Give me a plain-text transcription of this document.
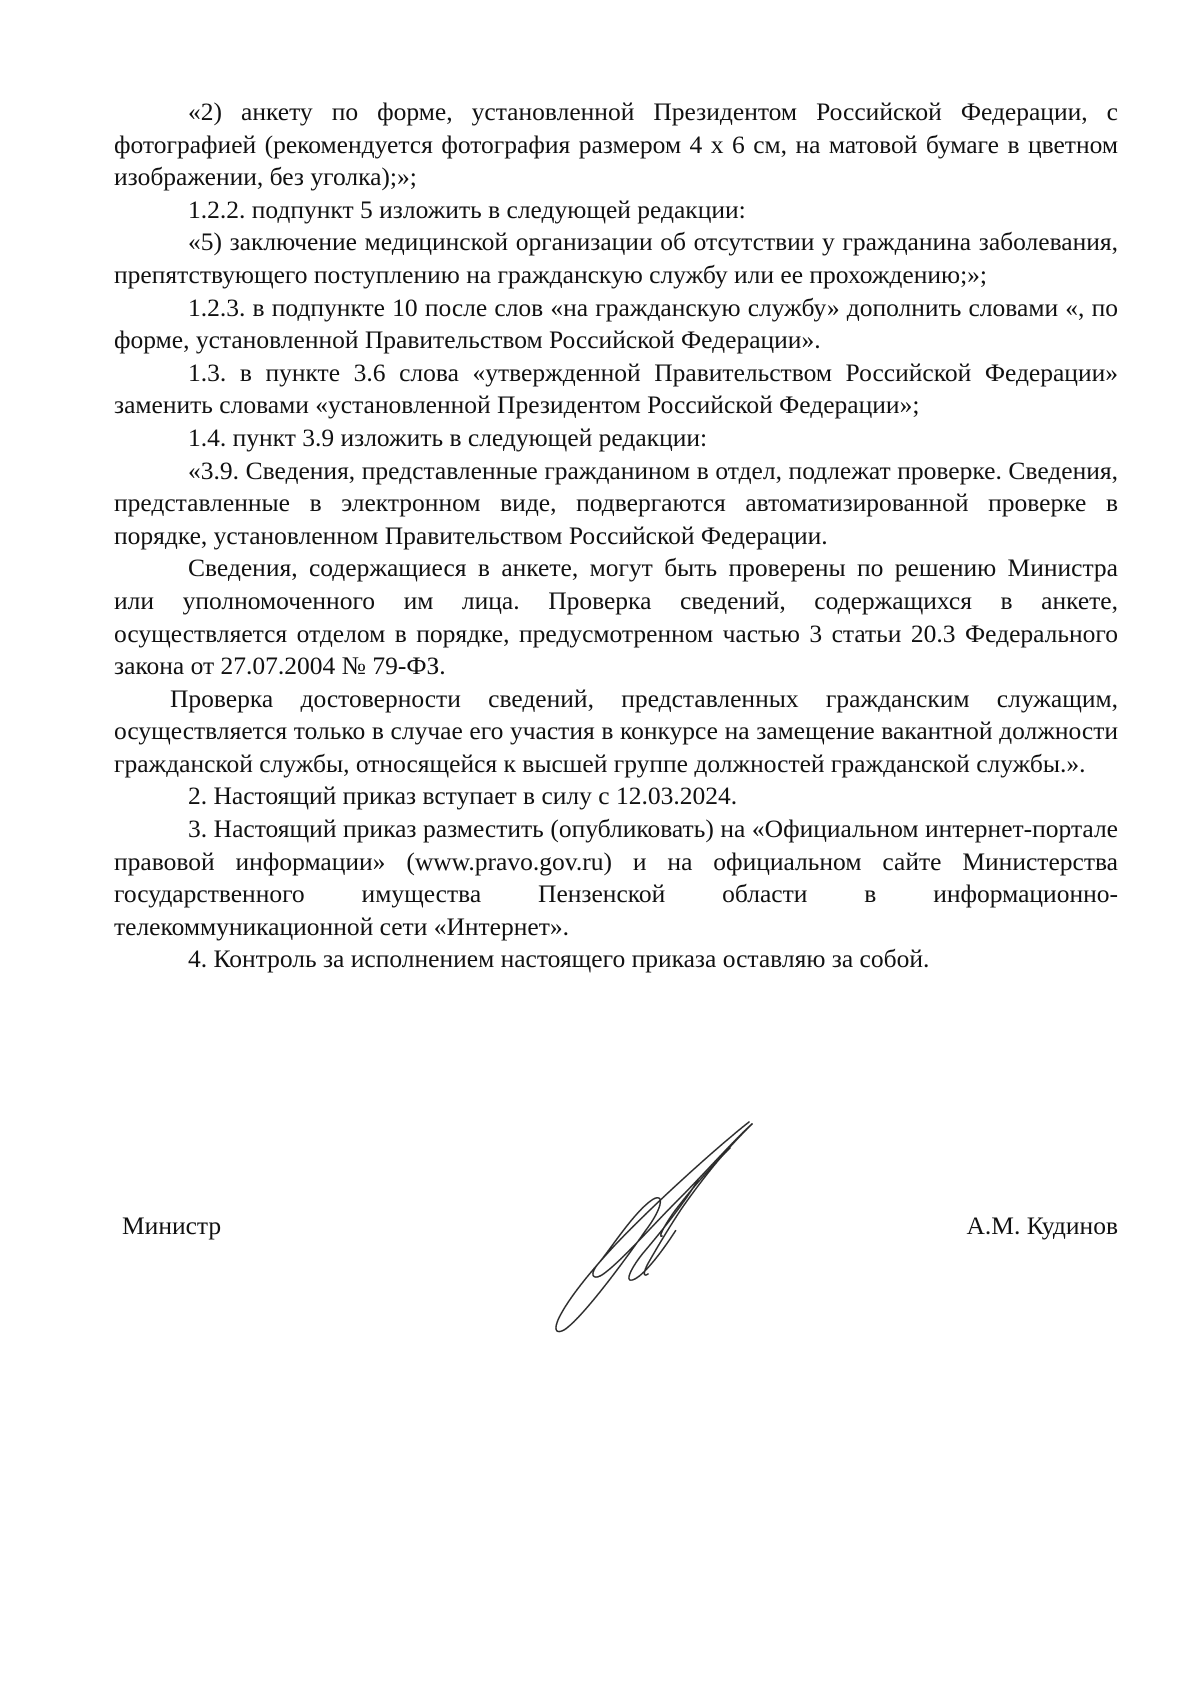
«2) анкету по форме, установленной Президентом Российской Федерации, с фотографией (рекомендуется фотография размером 4 х 6 см, на матовой бумаге в цветном изображении, без уголка);»;

1.2.2. подпункт 5 изложить в следующей редакции:

«5) заключение медицинской организации об отсутствии у гражданина заболевания, препятствующего поступлению на гражданскую службу или ее прохождению;»;

1.2.3. в подпункте 10 после слов «на гражданскую службу» дополнить словами «, по форме, установленной Правительством Российской Федерации».

1.3. в пункте 3.6 слова «утвержденной Правительством Российской Федерации» заменить словами «установленной Президентом Российской Федерации»;

1.4. пункт 3.9 изложить в следующей редакции:

«3.9. Сведения, представленные гражданином в отдел, подлежат проверке. Сведения, представленные в электронном виде, подвергаются автоматизированной проверке в порядке, установленном Правительством Российской Федерации.

Сведения, содержащиеся в анкете, могут быть проверены по решению Министра или уполномоченного им лица. Проверка сведений, содержащихся в анкете, осуществляется отделом в порядке, предусмотренном частью 3 статьи 20.3 Федерального закона от 27.07.2004 № 79-ФЗ.

Проверка достоверности сведений, представленных гражданским служащим, осуществляется только в случае его участия в конкурсе на замещение вакантной должности гражданской службы, относящейся к высшей группе должностей гражданской службы.».

2. Настоящий приказ вступает в силу с 12.03.2024.

3. Настоящий приказ разместить (опубликовать) на «Официальном интернет-портале правовой информации» (www.pravo.gov.ru) и на официальном сайте Министерства государственного имущества Пензенской области в информационно-телекоммуникационной сети «Интернет».

4. Контроль за исполнением настоящего приказа оставляю за собой.

Министр	А.М. Кудинов
